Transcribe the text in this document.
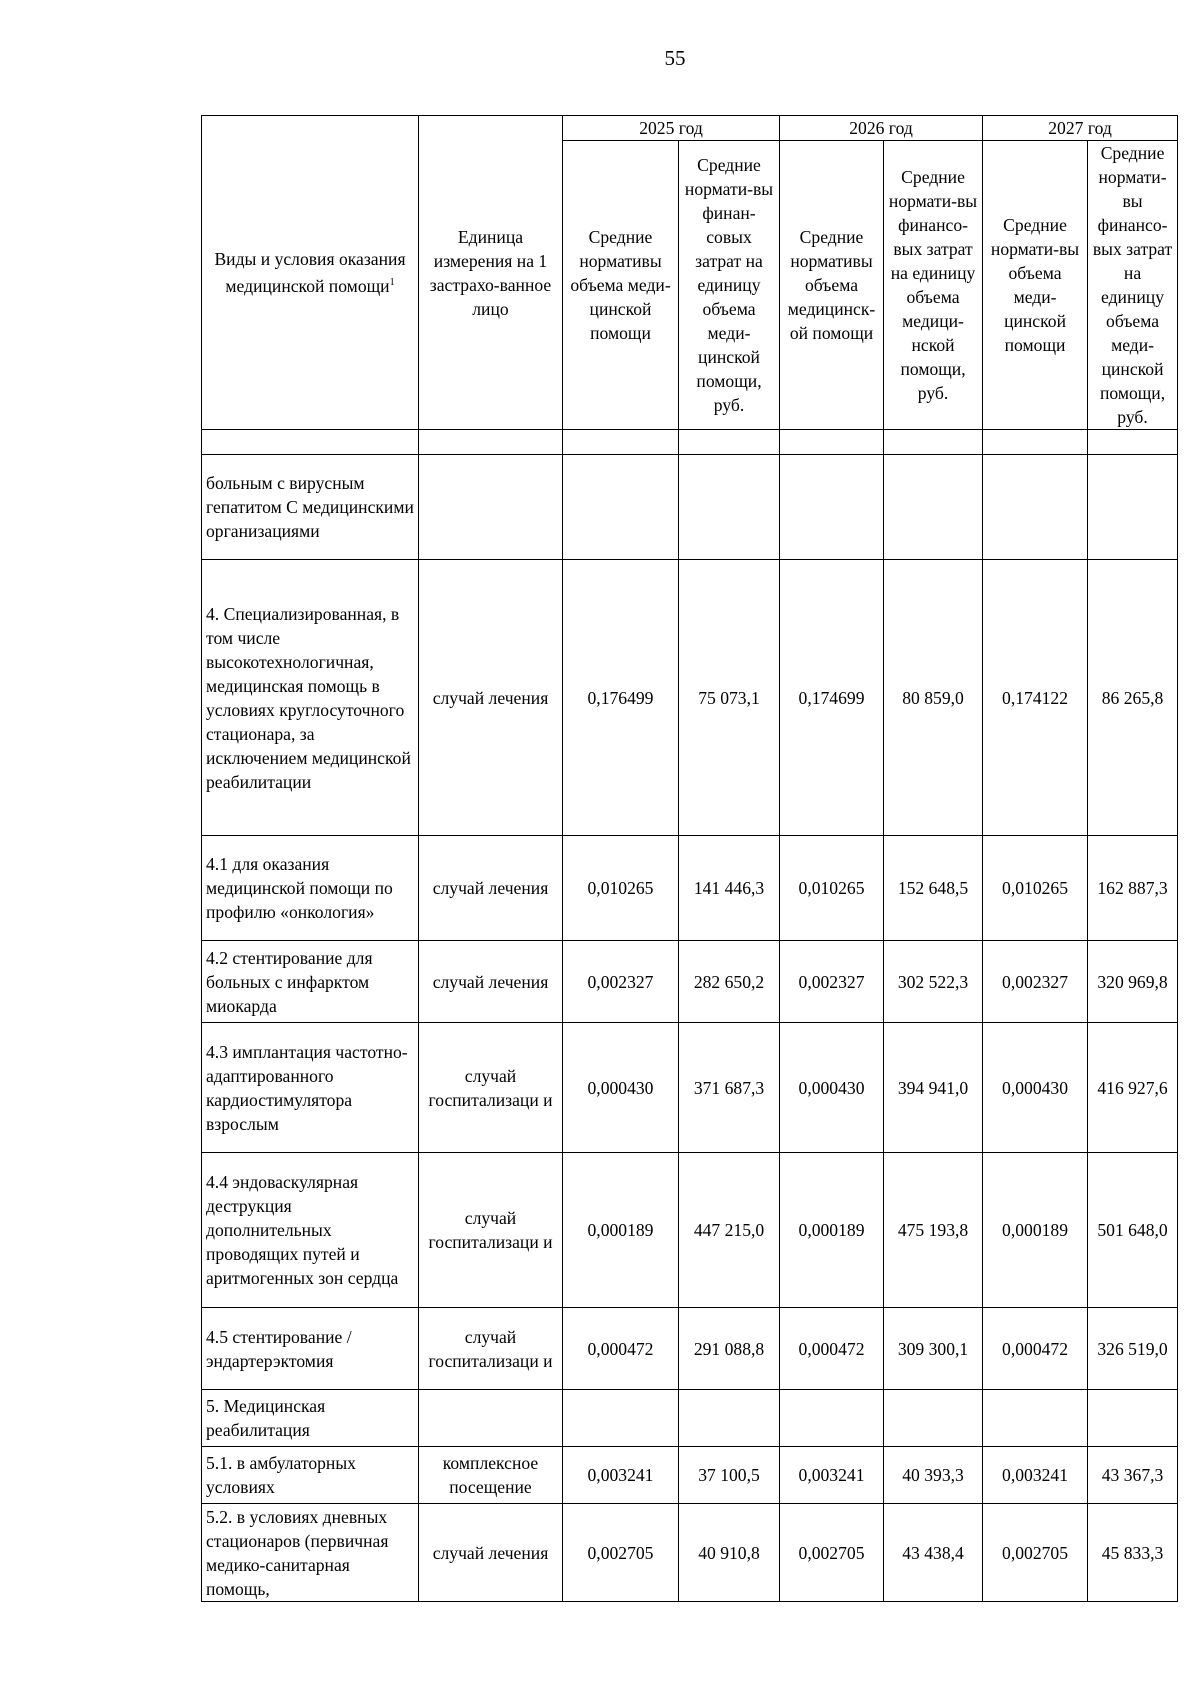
55
Виды и условия оказания медицинской помощи$^1$	Единица измерения на 1 застрахо-ванное лицо	2025 год		2026 год		2027 год	
		Средние нормативы объема меди-цинской помощи	Средние нормати-вы финан-совых затрат на единицу объема меди-цинской помощи, руб.	Средние нормативы объема медицинск-ой помощи	Средние нормати-вы финансо-вых затрат на единицу объема медици-нской помощи, руб.	Средние нормати-вы объема меди-цинской помощи	Средние нормати-вы финансо-вых затрат на единицу объема меди-цинской помощи, руб.

больным с вирусным гепатитом С медицинскими организациями							
4. Специализированная, в том числе высокотехнологичная, медицинская помощь в условиях круглосуточного стационара, за исключением медицинской реабилитации	случай лечения	0,176499	75 073,1	0,174699	80 859,0	0,174122	86 265,8
4.1 для оказания медицинской помощи по профилю «онкология»	случай лечения	0,010265	141 446,3	0,010265	152 648,5	0,010265	162 887,3
4.2 стентирование для больных с инфарктом миокарда	случай лечения	0,002327	282 650,2	0,002327	302 522,3	0,002327	320 969,8
4.3 имплантация частотно-адаптированного кардиостимулятора взрослым	случай госпитализаци и	0,000430	371 687,3	0,000430	394 941,0	0,000430	416 927,6
4.4 эндоваскулярная деструкция дополнительных проводящих путей и аритмогенных зон сердца	случай госпитализаци и	0,000189	447 215,0	0,000189	475 193,8	0,000189	501 648,0
4.5 стентирование / эндартерэктомия	случай госпитализаци и	0,000472	291 088,8	0,000472	309 300,1	0,000472	326 519,0
5. Медицинская реабилитация							
5.1. в амбулаторных условиях	комплексное посещение	0,003241	37 100,5	0,003241	40 393,3	0,003241	43 367,3
5.2. в условиях дневных стационаров (первичная медико-санитарная помощь,	случай лечения	0,002705	40 910,8	0,002705	43 438,4	0,002705	45 833,3
